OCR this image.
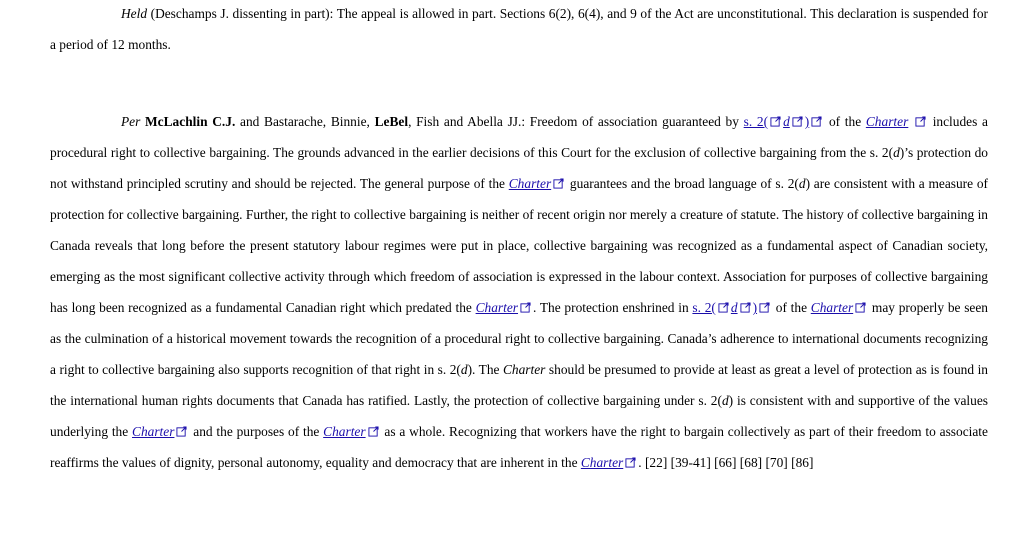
Held (Deschamps J. dissenting in part): The appeal is allowed in part. Sections 6(2), 6(4), and 9 of the Act are unconstitutional. This declaration is suspended for a period of 12 months.

Per McLachlin C.J. and Bastarache, Binnie, LeBel, Fish and Abella JJ.: Freedom of association guaranteed by s. 2( d )
of the Charter
includes a procedural right to collective bargaining. The grounds advanced in the earlier decisions of this Court for the exclusion of collective bargaining from the s. 2(d)’s protection do not withstand principled scrutiny and should be rejected. The general purpose of the Charter
guarantees and the broad language of s. 2(d) are consistent with a measure of protection for collective bargaining. Further, the right to collective bargaining is neither of recent origin nor merely a creature of statute. The history of collective bargaining in Canada reveals that long before the present statutory labour regimes were put in place, collective bargaining was recognized as a fundamental aspect of Canadian society, emerging as the most significant collective activity through which freedom of association is expressed in the labour context. Association for purposes of collective bargaining has long been recognized as a fundamental Canadian right which predated the Charter . The protection enshrined in s. 2( d )
of the Charter
may properly be seen as the culmination of a historical movement towards the recognition of a procedural right to collective bargaining. Canada’s adherence to international documents recognizing a right to collective bargaining also supports recognition of that right in s. 2(d). The Charter should be presumed to provide at least as great a level of protection as is found in the international human rights documents that Canada has ratified. Lastly, the protection of collective bargaining under s. 2(d) is consistent with and supportive of the values underlying the Charter
and the purposes of the Charter
as a whole. Recognizing that workers have the right to bargain collectively as part of their freedom to associate reaffirms the values of dignity, personal autonomy, equality and democracy that are inherent in the Charter . [22] [39-41] [66] [68] [70] [86]
